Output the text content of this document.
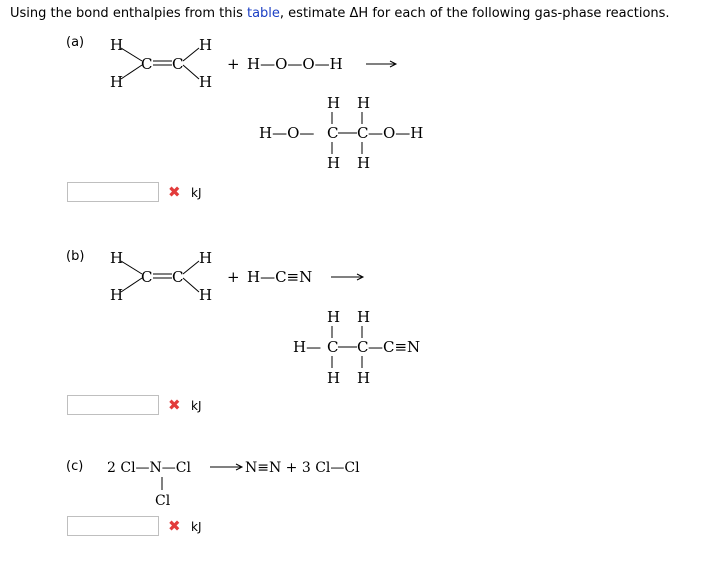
Using the bond enthalpies from this table, estimate ΔH for each of the following gas-phase reactions.
(a) H	H
H	H
C C	+ H—O—O—H
H H
H—O— C C —O—H
H H
✖ kJ
(b) H	H
H	H
C C	+ H—C≡N
H H
H— C C —C≡N
H H
✖ kJ
(c) 2 Cl—N—Cl
Cl
N≡N + 3 Cl—Cl
✖ kJ
